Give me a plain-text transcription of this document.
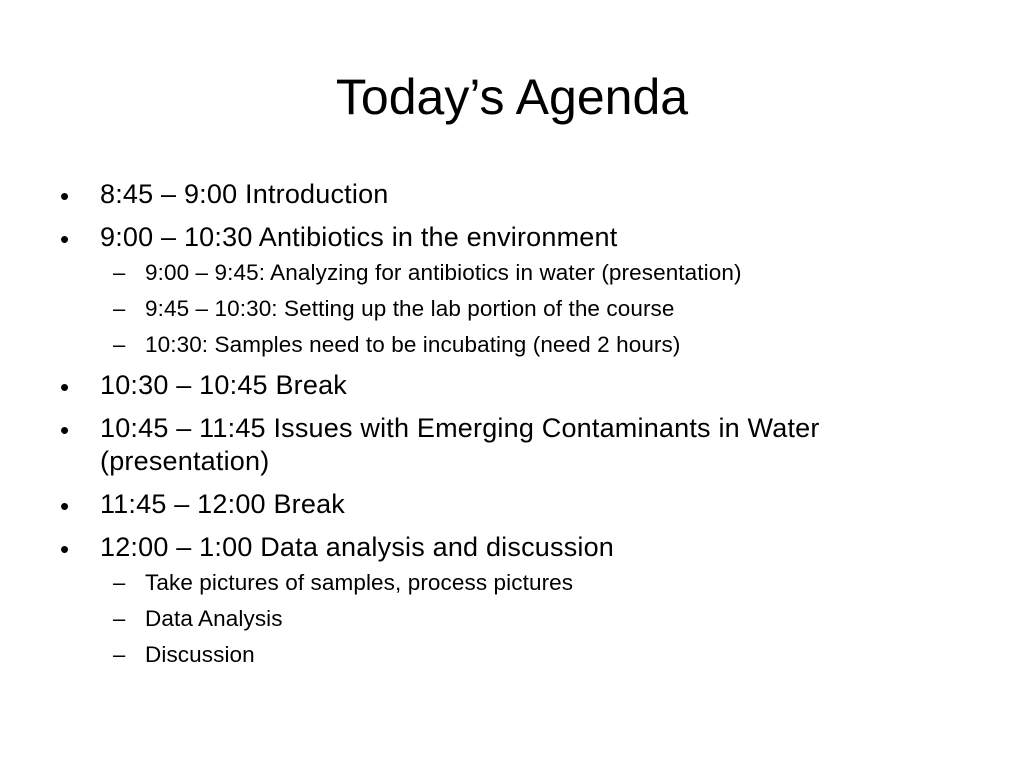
Today’s Agenda
• 8:45 – 9:00 Introduction
• 9:00 – 10:30 Antibiotics in the environment
– 9:00 – 9:45: Analyzing for antibiotics in water (presentation)
– 9:45 – 10:30: Setting up the lab portion of the course
– 10:30: Samples need to be incubating (need 2 hours)
• 10:30 – 10:45 Break
• 10:45 – 11:45 Issues with Emerging Contaminants in Water (presentation)
• 11:45 – 12:00 Break
• 12:00 – 1:00 Data analysis and discussion
– Take pictures of samples, process pictures
– Data Analysis
– Discussion
